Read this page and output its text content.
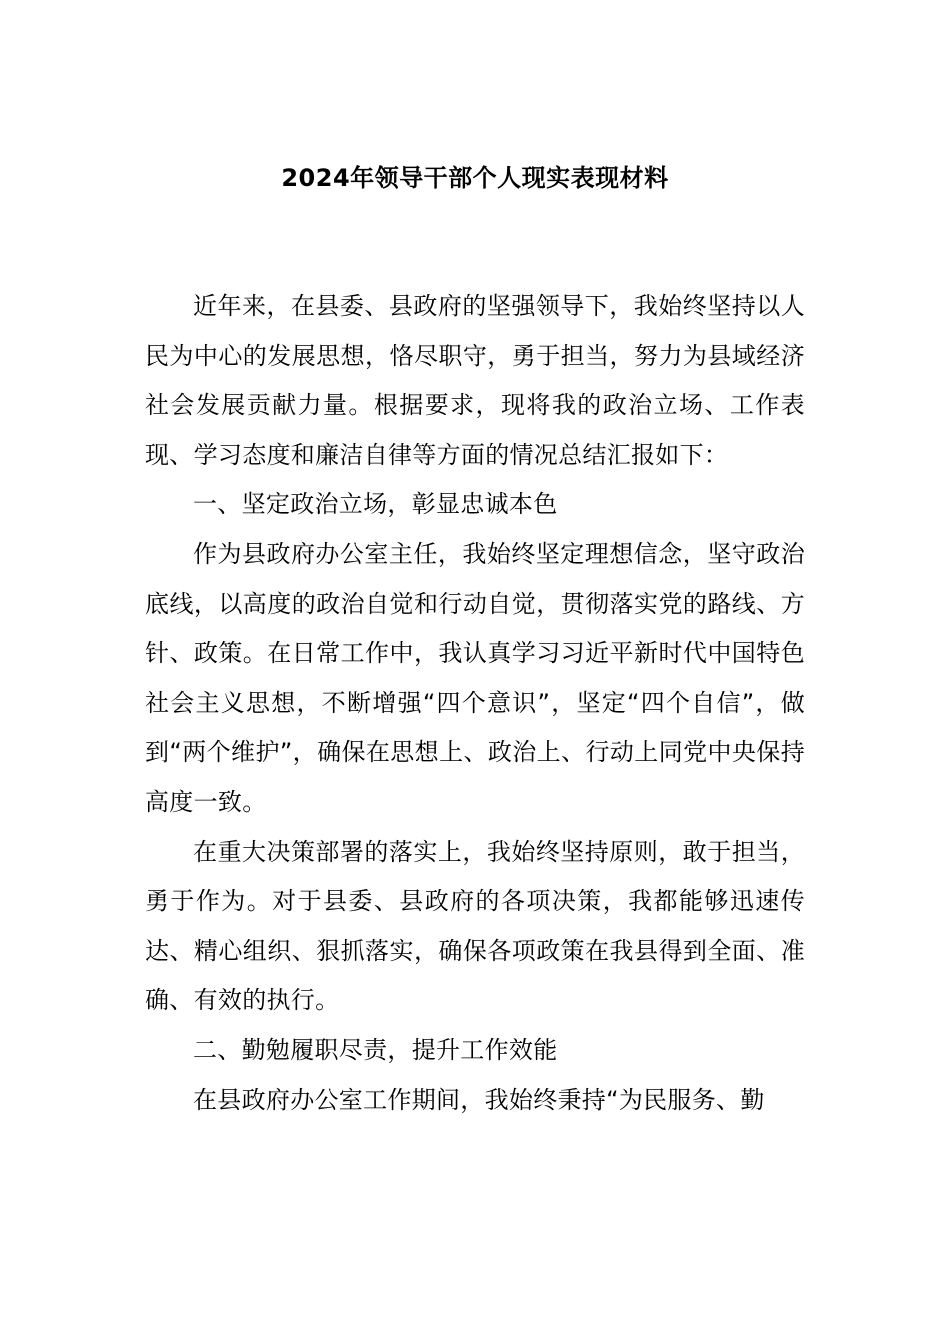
2024年领导干部个人现实表现材料

近年来，在县委、县政府的坚强领导下，我始终坚持以人民为中心的发展思想，恪尽职守，勇于担当，努力为县域经济社会发展贡献力量。根据要求，现将我的政治立场、工作表现、学习态度和廉洁自律等方面的情况总结汇报如下：

一、坚定政治立场，彰显忠诚本色

作为县政府办公室主任，我始终坚定理想信念，坚守政治底线，以高度的政治自觉和行动自觉，贯彻落实党的路线、方针、政策。在日常工作中，我认真学习习近平新时代中国特色社会主义思想，不断增强“四个意识”，坚定“四个自信”，做到“两个维护”，确保在思想上、政治上、行动上同党中央保持高度一致。

在重大决策部署的落实上，我始终坚持原则，敢于担当，勇于作为。对于县委、县政府的各项决策，我都能够迅速传达、精心组织、狠抓落实，确保各项政策在我县得到全面、准确、有效的执行。

二、勤勉履职尽责，提升工作效能

在县政府办公室工作期间，我始终秉持“为民服务、勤
